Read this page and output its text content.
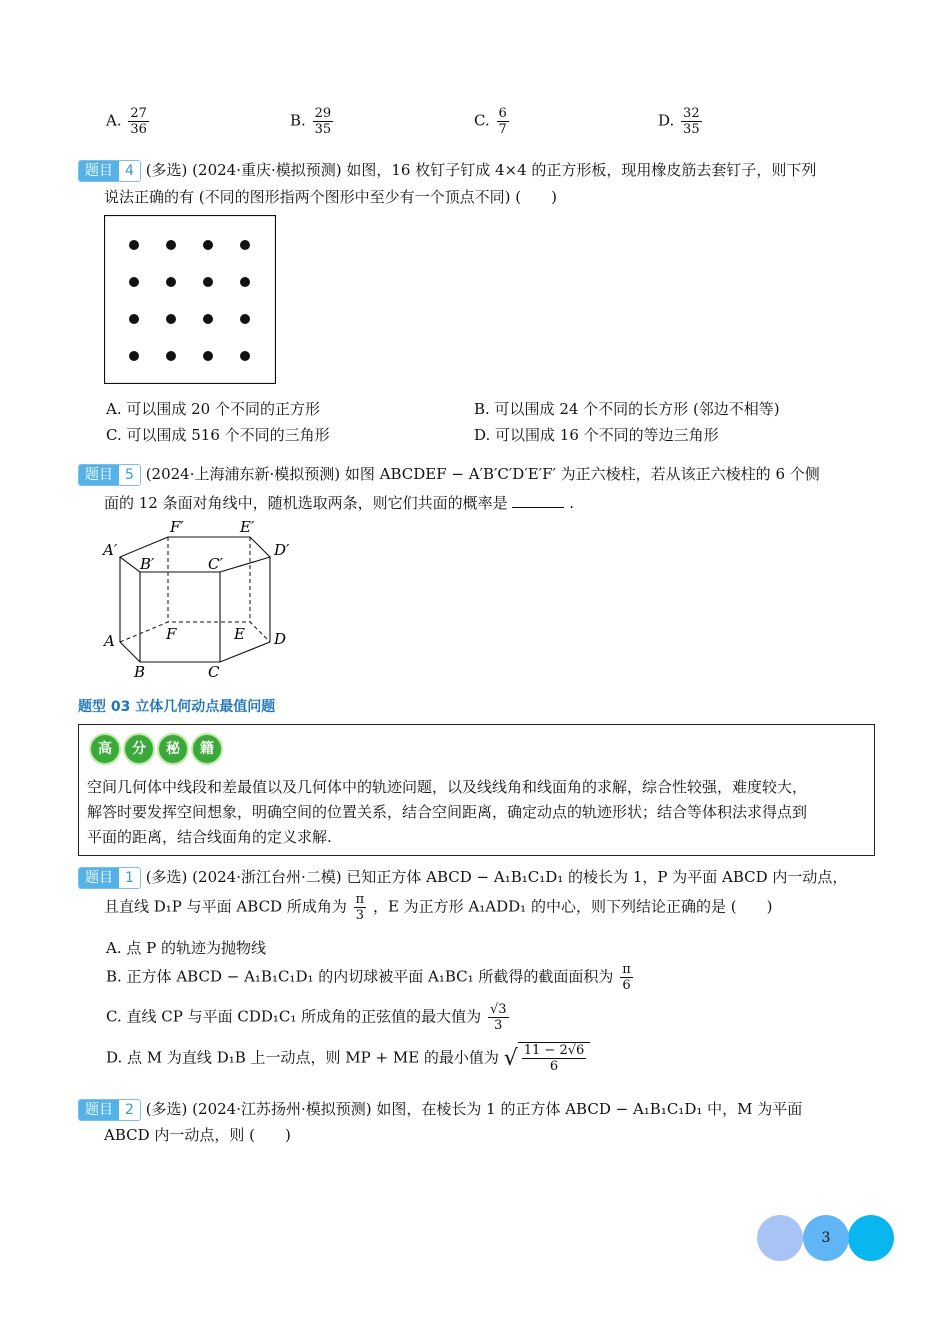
A. $\frac{27}{36}$	B. $\frac{29}{35}$	C. $\frac{6}{7}$	D. $\frac{32}{35}$
题目 4 (多选) (2024·重庆·模拟预测) 如图，16 枚钉子钉成 4×4 的正方形板，现用橡皮筋去套钉子，则下列
说法正确的有 (不同的图形指两个图形中至少有一个顶点不同) (　　)
A. 可以围成 20 个不同的正方形	B. 可以围成 24 个不同的长方形 (邻边不相等)
C. 可以围成 516 个不同的三角形	D. 可以围成 16 个不同的等边三角形
题目 5 (2024·上海浦东新·模拟预测) 如图 ABCDEF − A′B′C′D′E′F′ 为正六棱柱，若从该正六棱柱的 6 个侧
面的 12 条面对角线中，随机选取两条，则它们共面的概率是	.
A′
B′	C′
D′
E′
F′
A
B	C
D
E
F
题型 03 立体几何动点最值问题
高 分 秘 籍
空间几何体中线段和差最值以及几何体中的轨迹问题，以及线线角和线面角的求解，综合性较强，难度较大，
解答时要发挥空间想象，明确空间的位置关系，结合空间距离，确定动点的轨迹形状；结合等体积法求得点到
平面的距离，结合线面角的定义求解.
题目 1 (多选) (2024·浙江台州·二模) 已知正方体 ABCD − A₁B₁C₁D₁ 的棱长为 1，P 为平面 ABCD 内一动点，
且直线 D₁P 与平面 ABCD 所成角为 $\frac{\pi}{3}$ ，E 为正方形 A₁ADD₁ 的中心，则下列结论正确的是 (　　)
A. 点 P 的轨迹为抛物线
B. 正方体 ABCD − A₁B₁C₁D₁ 的内切球被平面 A₁BC₁ 所截得的截面面积为 $\frac{\pi}{6}$
C. 直线 CP 与平面 CDD₁C₁ 所成角的正弦值的最大值为 $\frac{√3}{3}$
D. 点 M 为直线 D₁B 上一动点，则 MP + ME 的最小值为 √ $\frac{11 - 2√6}{6}$
题目 2 (多选) (2024·江苏扬州·模拟预测) 如图，在棱长为 1 的正方体 ABCD − A₁B₁C₁D₁ 中，M 为平面
ABCD 内一动点，则 (　　)
3
